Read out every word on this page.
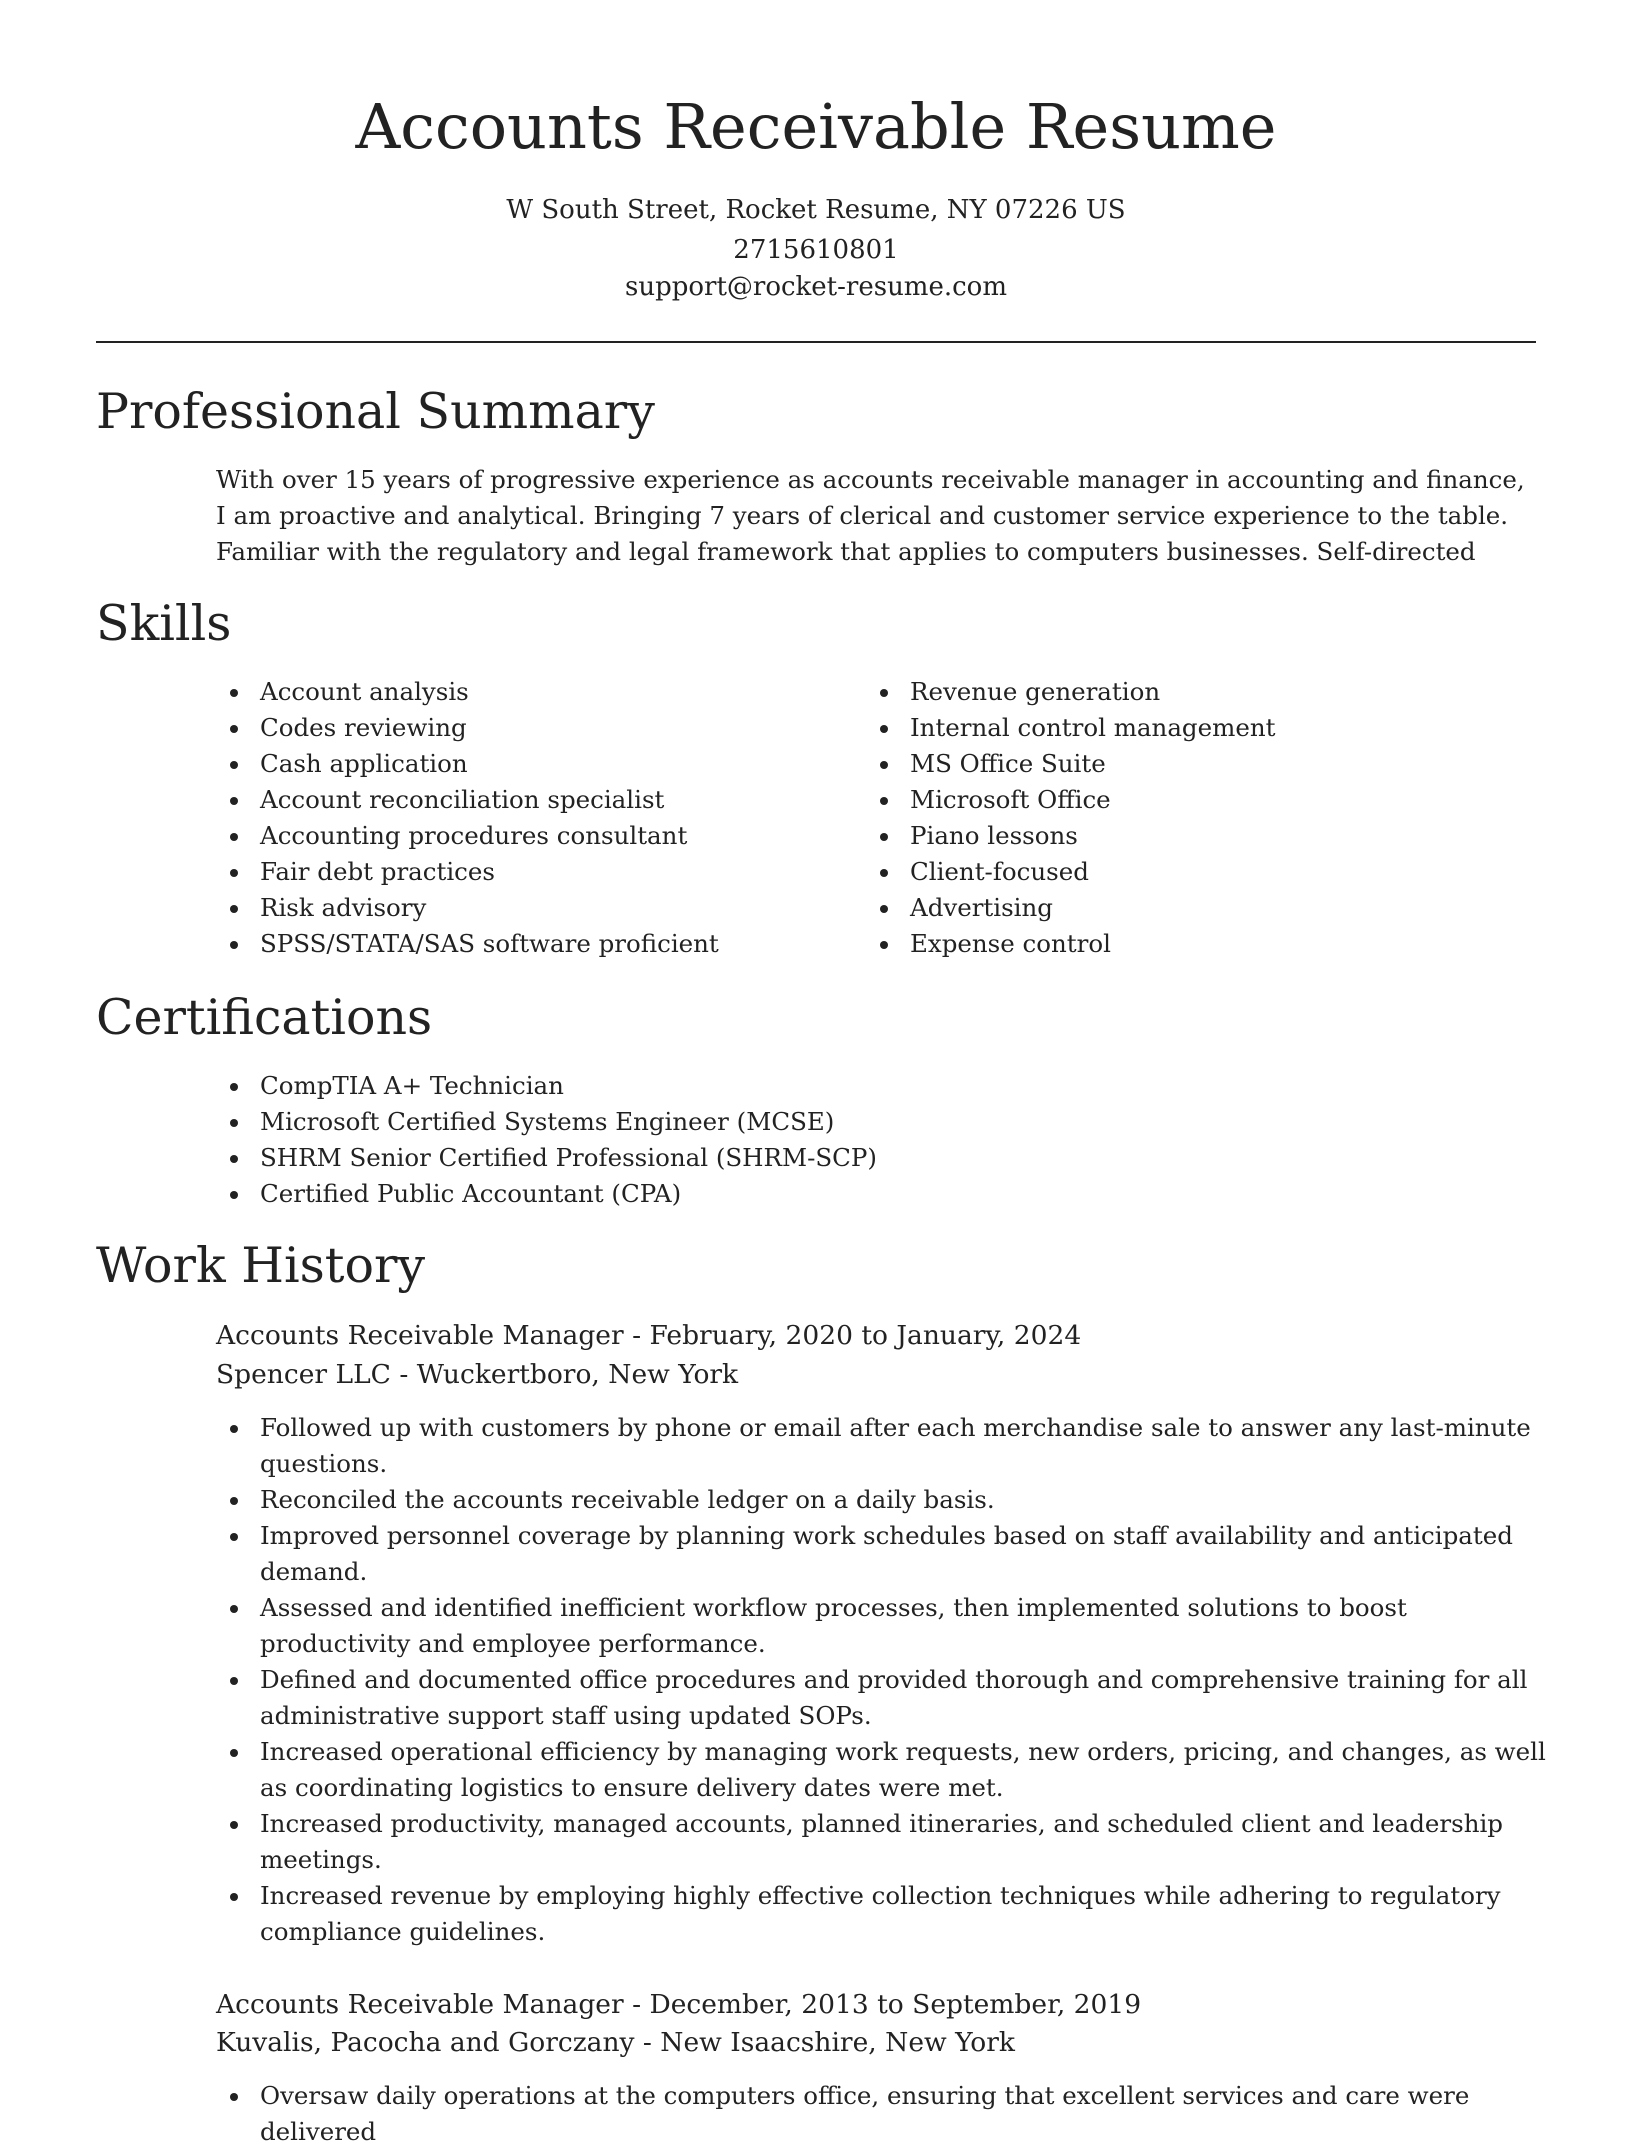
Accounts Receivable Resume
W South Street, Rocket Resume, NY 07226 US
2715610801
support@rocket-resume.com
Professional Summary

With over 15 years of progressive experience as accounts receivable manager in accounting and finance, I am proactive and analytical. Bringing 7 years of clerical and customer service experience to the table. Familiar with the regulatory and legal framework that applies to computers businesses. Self-directed

Skills
Account analysis
Codes reviewing
Cash application
Account reconciliation specialist
Accounting procedures consultant
Fair debt practices
Risk advisory
SPSS/STATA/SAS software proficient
Revenue generation
Internal control management
MS Office Suite
Microsoft Office
Piano lessons
Client-focused
Advertising
Expense control
Certifications
CompTIA A+ Technician
Microsoft Certified Systems Engineer (MCSE)
SHRM Senior Certified Professional (SHRM-SCP)
Certified Public Accountant (CPA)
Work History
Accounts Receivable Manager - February, 2020 to January, 2024
Spencer LLC - Wuckertboro, New York
Followed up with customers by phone or email after each merchandise sale to answer any last-minute questions.
Reconciled the accounts receivable ledger on a daily basis.
Improved personnel coverage by planning work schedules based on staff availability and anticipated demand.
Assessed and identified inefficient workflow processes, then implemented solutions to boost productivity and employee performance.
Defined and documented office procedures and provided thorough and comprehensive training for all administrative support staff using updated SOPs.
Increased operational efficiency by managing work requests, new orders, pricing, and changes, as well as coordinating logistics to ensure delivery dates were met.
Increased productivity, managed accounts, planned itineraries, and scheduled client and leadership meetings.
Increased revenue by employing highly effective collection techniques while adhering to regulatory compliance guidelines.
Accounts Receivable Manager - December, 2013 to September, 2019
Kuvalis, Pacocha and Gorczany - New Isaacshire, New York
Oversaw daily operations at the computers office, ensuring that excellent services and care were delivered
